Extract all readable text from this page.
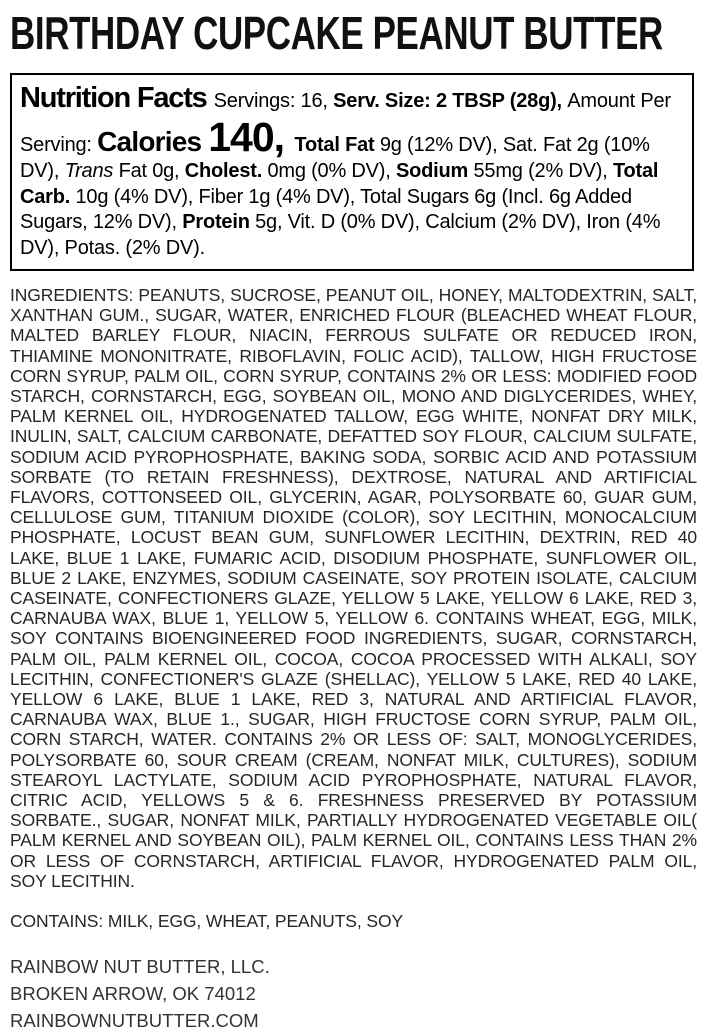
BIRTHDAY CUPCAKE PEANUT BUTTER

Nutrition Facts Servings: 16, Serv. Size: 2 TBSP (28g), Amount Per Serving: Calories 140, Total Fat 9g (12% DV), Sat. Fat 2g (10% DV), Trans Fat 0g, Cholest. 0mg (0% DV), Sodium 55mg (2% DV), Total Carb. 10g (4% DV), Fiber 1g (4% DV), Total Sugars 6g (Incl. 6g Added Sugars, 12% DV), Protein 5g, Vit. D (0% DV), Calcium (2% DV), Iron (4% DV), Potas. (2% DV).

INGREDIENTS: PEANUTS, SUCROSE, PEANUT OIL, HONEY, MALTODEXTRIN, SALT, XANTHAN GUM., SUGAR, WATER, ENRICHED FLOUR (BLEACHED WHEAT FLOUR, MALTED BARLEY FLOUR, NIACIN, FERROUS SULFATE OR REDUCED IRON, THIAMINE MONONITRATE, RIBOFLAVIN, FOLIC ACID), TALLOW, HIGH FRUCTOSE CORN SYRUP, PALM OIL, CORN SYRUP, CONTAINS 2% OR LESS: MODIFIED FOOD STARCH, CORNSTARCH, EGG, SOYBEAN OIL, MONO AND DIGLYCERIDES, WHEY, PALM KERNEL OIL, HYDROGENATED TALLOW, EGG WHITE, NONFAT DRY MILK, INULIN, SALT, CALCIUM CARBONATE, DEFATTED SOY FLOUR, CALCIUM SULFATE, SODIUM ACID PYROPHOSPHATE, BAKING SODA, SORBIC ACID AND POTASSIUM SORBATE (TO RETAIN FRESHNESS), DEXTROSE, NATURAL AND ARTIFICIAL FLAVORS, COTTONSEED OIL, GLYCERIN, AGAR, POLYSORBATE 60, GUAR GUM, CELLULOSE GUM, TITANIUM DIOXIDE (COLOR), SOY LECITHIN, MONOCALCIUM PHOSPHATE, LOCUST BEAN GUM, SUNFLOWER LECITHIN, DEXTRIN, RED 40 LAKE, BLUE 1 LAKE, FUMARIC ACID, DISODIUM PHOSPHATE, SUNFLOWER OIL, BLUE 2 LAKE, ENZYMES, SODIUM CASEINATE, SOY PROTEIN ISOLATE, CALCIUM CASEINATE, CONFECTIONERS GLAZE, YELLOW 5 LAKE, YELLOW 6 LAKE, RED 3, CARNAUBA WAX, BLUE 1, YELLOW 5, YELLOW 6. CONTAINS WHEAT, EGG, MILK, SOY CONTAINS BIOENGINEERED FOOD INGREDIENTS, SUGAR, CORNSTARCH, PALM OIL, PALM KERNEL OIL, COCOA, COCOA PROCESSED WITH ALKALI, SOY LECITHIN, CONFECTIONER'S GLAZE (SHELLAC), YELLOW 5 LAKE, RED 40 LAKE, YELLOW 6 LAKE, BLUE 1 LAKE, RED 3, NATURAL AND ARTIFICIAL FLAVOR, CARNAUBA WAX, BLUE 1., SUGAR, HIGH FRUCTOSE CORN SYRUP, PALM OIL, CORN STARCH, WATER. CONTAINS 2% OR LESS OF: SALT, MONOGLYCERIDES, POLYSORBATE 60, SOUR CREAM (CREAM, NONFAT MILK, CULTURES), SODIUM STEAROYL LACTYLATE, SODIUM ACID PYROPHOSPHATE, NATURAL FLAVOR, CITRIC ACID, YELLOWS 5 & 6. FRESHNESS PRESERVED BY POTASSIUM SORBATE., SUGAR, NONFAT MILK, PARTIALLY HYDROGENATED VEGETABLE OIL( PALM KERNEL AND SOYBEAN OIL), PALM KERNEL OIL, CONTAINS LESS THAN 2% OR LESS OF CORNSTARCH, ARTIFICIAL FLAVOR, HYDROGENATED PALM OIL, SOY LECITHIN.

CONTAINS: MILK, EGG, WHEAT, PEANUTS, SOY

RAINBOW NUT BUTTER, LLC.

BROKEN ARROW, OK 74012

RAINBOWNUTBUTTER.COM
